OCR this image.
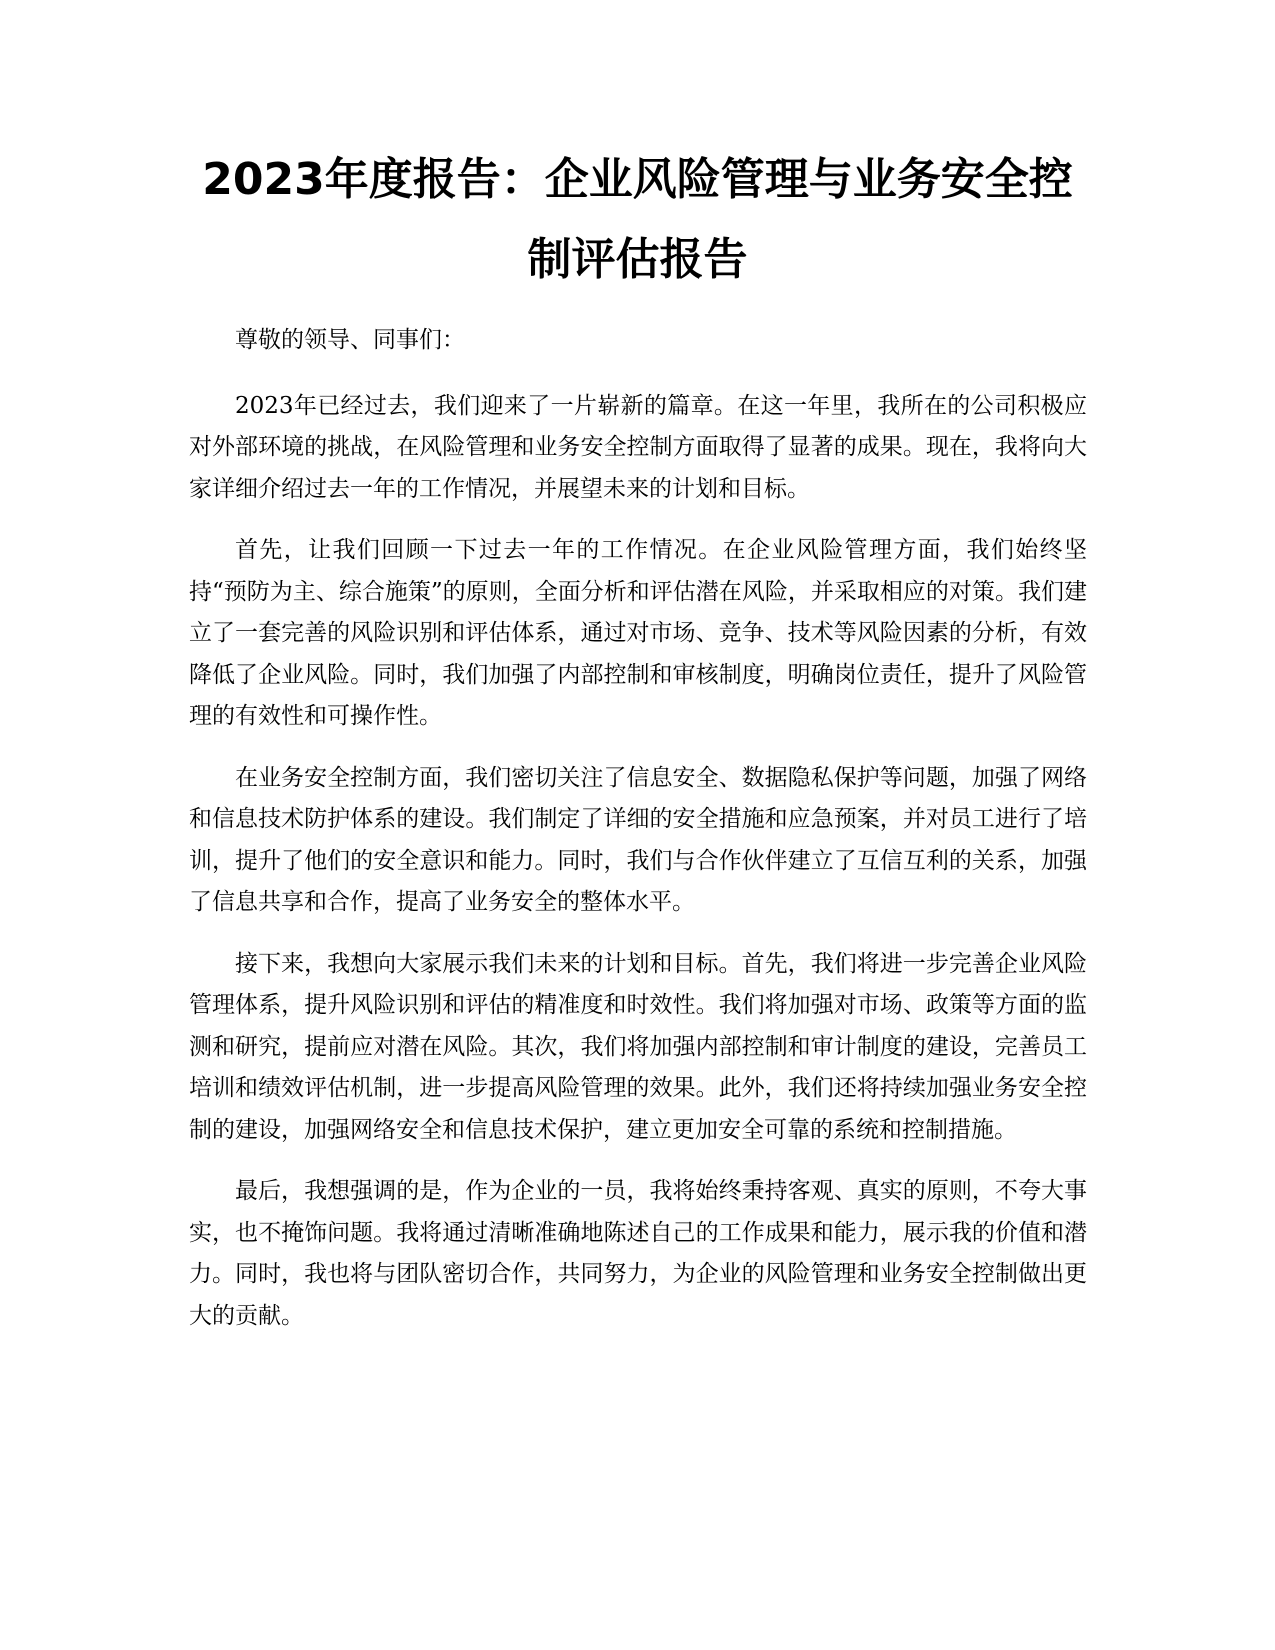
2023年度报告：企业风险管理与业务安全控
制评估报告

尊敬的领导、同事们：

2023年已经过去，我们迎来了一片崭新的篇章。在这一年里，我所在的公司积极应对外部环境的挑战，在风险管理和业务安全控制方面取得了显著的成果。现在，我将向大家详细介绍过去一年的工作情况，并展望未来的计划和目标。

首先，让我们回顾一下过去一年的工作情况。在企业风险管理方面，我们始终坚持“预防为主、综合施策”的原则，全面分析和评估潜在风险，并采取相应的对策。我们建立了一套完善的风险识别和评估体系，通过对市场、竞争、技术等风险因素的分析，有效降低了企业风险。同时，我们加强了内部控制和审核制度，明确岗位责任，提升了风险管理的有效性和可操作性。

在业务安全控制方面，我们密切关注了信息安全、数据隐私保护等问题，加强了网络和信息技术防护体系的建设。我们制定了详细的安全措施和应急预案，并对员工进行了培训，提升了他们的安全意识和能力。同时，我们与合作伙伴建立了互信互利的关系，加强了信息共享和合作，提高了业务安全的整体水平。

接下来，我想向大家展示我们未来的计划和目标。首先，我们将进一步完善企业风险管理体系，提升风险识别和评估的精准度和时效性。我们将加强对市场、政策等方面的监测和研究，提前应对潜在风险。其次，我们将加强内部控制和审计制度的建设，完善员工培训和绩效评估机制，进一步提高风险管理的效果。此外，我们还将持续加强业务安全控制的建设，加强网络安全和信息技术保护，建立更加安全可靠的系统和控制措施。

最后，我想强调的是，作为企业的一员，我将始终秉持客观、真实的原则，不夸大事实，也不掩饰问题。我将通过清晰准确地陈述自己的工作成果和能力，展示我的价值和潜力。同时，我也将与团队密切合作，共同努力，为企业的风险管理和业务安全控制做出更大的贡献。
